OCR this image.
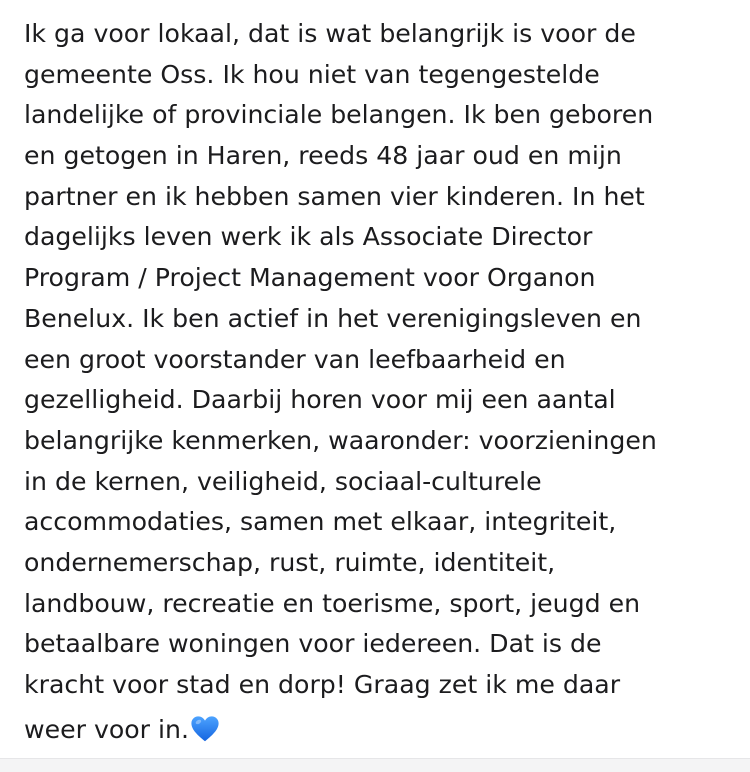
Ik ga voor lokaal, dat is wat belangrijk is voor de
gemeente Oss. Ik hou niet van tegengestelde
landelijke of provinciale belangen. Ik ben geboren
en getogen in Haren, reeds 48 jaar oud en mijn
partner en ik hebben samen vier kinderen. In het
dagelijks leven werk ik als Associate Director
Program / Project Management voor Organon
Benelux. Ik ben actief in het verenigingsleven en
een groot voorstander van leefbaarheid en
gezelligheid. Daarbij horen voor mij een aantal
belangrijke kenmerken, waaronder: voorzieningen
in de kernen, veiligheid, sociaal-culturele
accommodaties, samen met elkaar, integriteit,
ondernemerschap, rust, ruimte, identiteit,
landbouw, recreatie en toerisme, sport, jeugd en
betaalbare woningen voor iedereen. Dat is de
kracht voor stad en dorp! Graag zet ik me daar
weer voor in.
